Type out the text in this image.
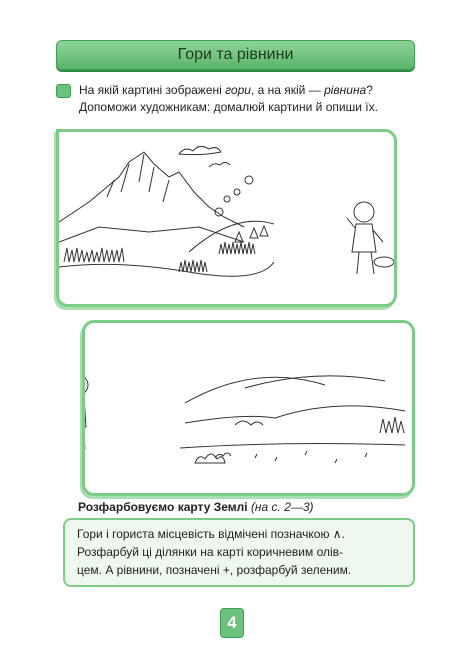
Гори та рівнини

На якій картині зображені гори, а на якій — рівнина?
Допоможи художникам: домалюй картини й опиши їх.

Розфарбовуємо карту Землі (на с. 2—3)
Гори і гориста місцевість відмічені позначкою ∧.
Розфарбуй ці ділянки на карті коричневим олів-
цем. А рівнини, позначені +, розфарбуй зеленим.
4
